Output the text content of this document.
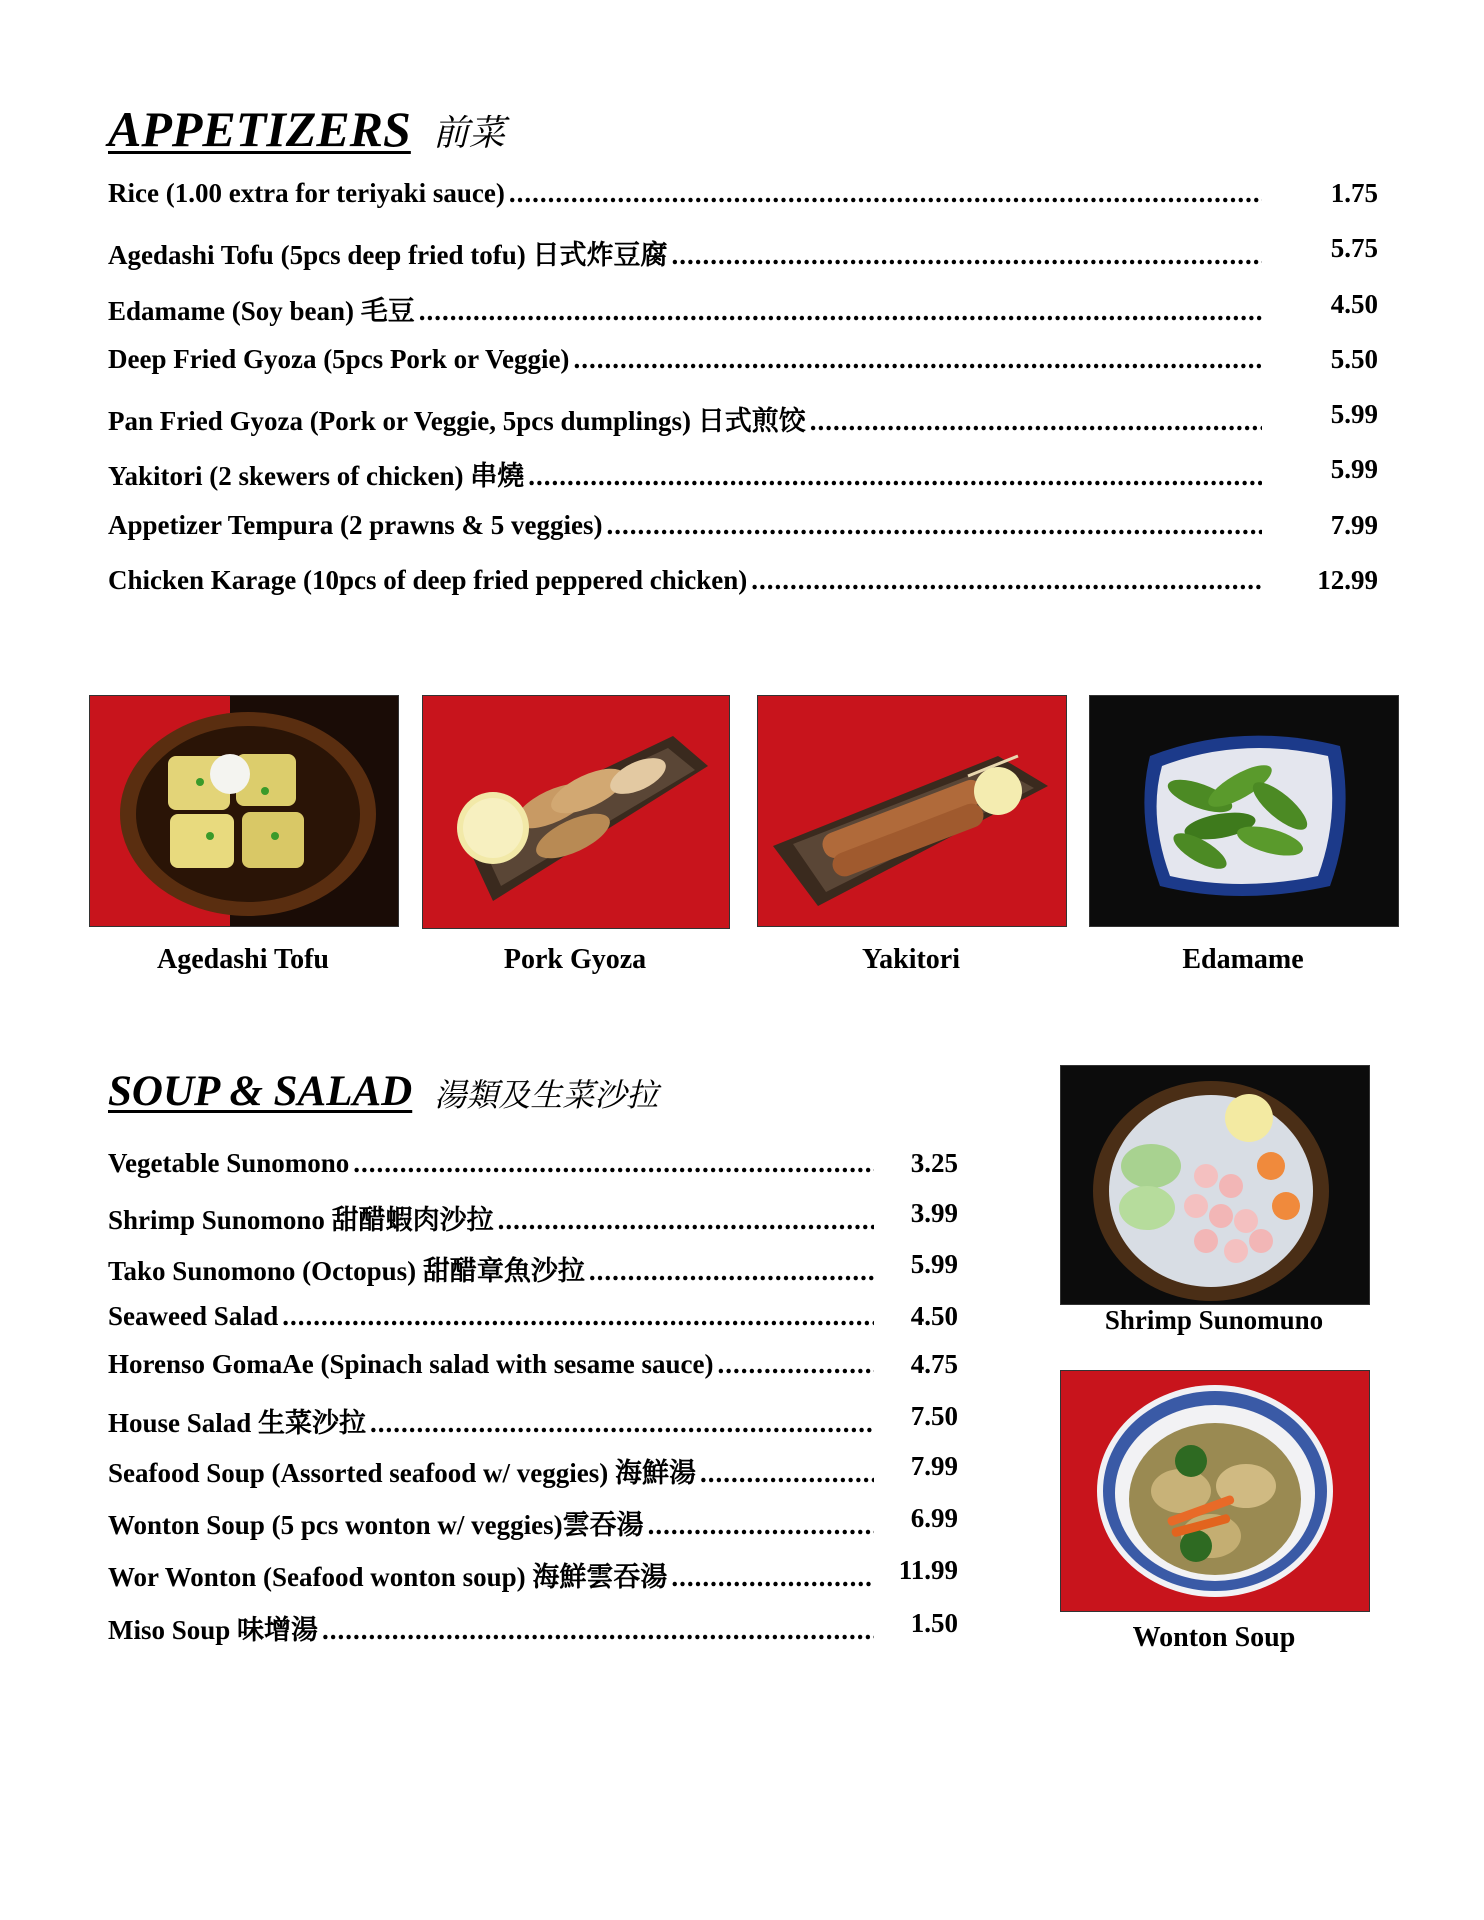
APPETIZERS 前菜
Rice (1.00 extra for teriyaki sauce) .....	1.75
Agedashi Tofu (5pcs deep fried tofu) 日式炸豆腐 .....	5.75
Edamame (Soy bean) 毛豆 .....	4.50
Deep Fried Gyoza (5pcs Pork or Veggie) .....	5.50
Pan Fried Gyoza (Pork or Veggie, 5pcs dumplings) 日式煎饺 .....	5.99
Yakitori (2 skewers of chicken) 串燒 .....	5.99
Appetizer Tempura (2 prawns & 5 veggies) .....	7.99
Chicken Karage (10pcs of deep fried peppered chicken) .....	12.99
Agedashi Tofu	Pork Gyoza	Yakitori	Edamame
SOUP & SALAD 湯類及生菜沙拉
Vegetable Sunomono .....	3.25
Shrimp Sunomono 甜醋蝦肉沙拉 .....	3.99
Tako Sunomono (Octopus) 甜醋章魚沙拉 .....	5.99
Seaweed Salad .....	4.50
Horenso GomaAe (Spinach salad with sesame sauce) .....	4.75
House Salad 生菜沙拉 .....	7.50
Seafood Soup (Assorted seafood w/ veggies) 海鮮湯 .....	7.99
Wonton Soup (5 pcs wonton w/ veggies)雲吞湯 .....	6.99
Wor Wonton (Seafood wonton soup) 海鮮雲吞湯 .....	11.99
Miso Soup 味增湯 .....	1.50
Shrimp Sunomuno
Wonton Soup
